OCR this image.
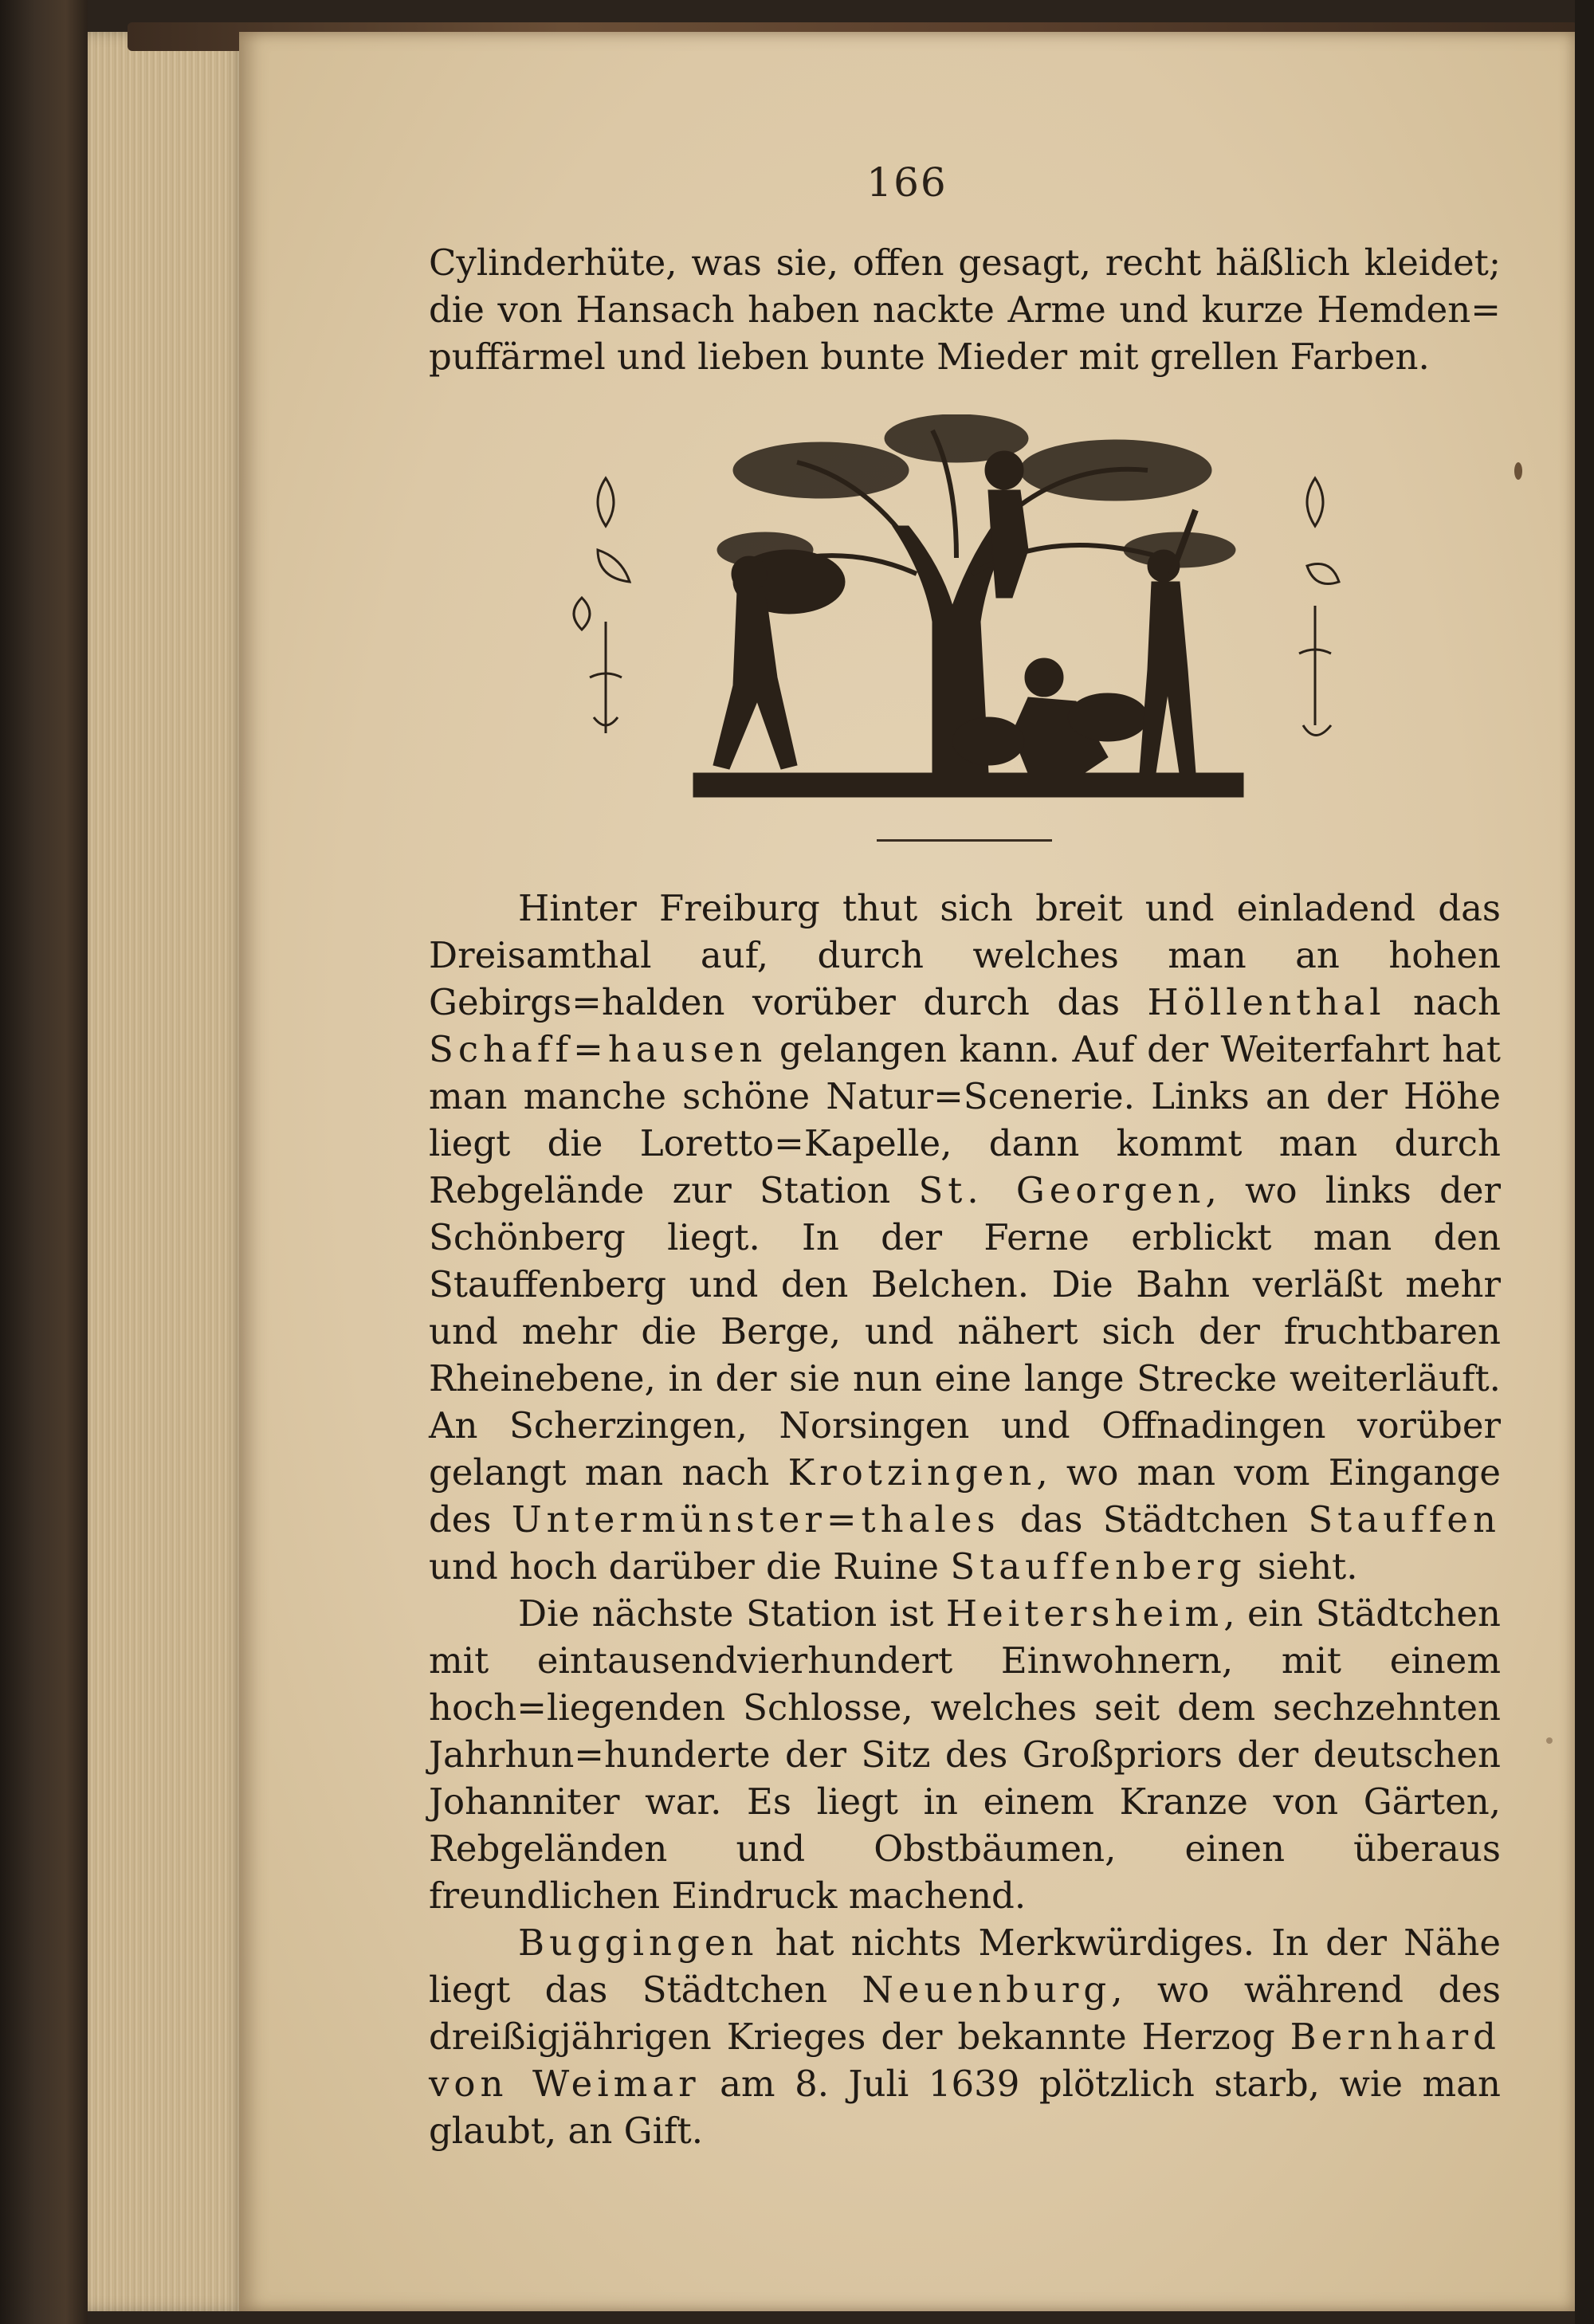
166

Cylinderhüte, was sie, offen gesagt, recht häßlich kleidet;

die von Hansach haben nackte Arme und kurze Hemden=

puffärmel und lieben bunte Mieder mit grellen Farben.

Hinter Freiburg thut sich breit und einladend das Dreisamthal auf, durch welches man an hohen Gebirgs=halden vorüber durch das Höllenthal nach Schaff=hausen gelangen kann. Auf der Weiterfahrt hat man manche schöne Natur=Scenerie. Links an der Höhe liegt die Loretto=Kapelle, dann kommt man durch Rebgelände zur Station St. Georgen, wo links der Schönberg liegt. In der Ferne erblickt man den Stauffenberg und den Belchen. Die Bahn verläßt mehr und mehr die Berge, und nähert sich der fruchtbaren Rheinebene, in der sie nun eine lange Strecke weiterläuft. An Scherzingen, Norsingen und Offnadingen vorüber gelangt man nach Krotzingen, wo man vom Eingange des Untermünster=thales das Städtchen Stauffen und hoch darüber die Ruine Stauffenberg sieht.

Die nächste Station ist Heitersheim, ein Städtchen mit eintausendvierhundert Einwohnern, mit einem hoch=liegenden Schlosse, welches seit dem sechzehnten Jahrhun=hunderte der Sitz des Großpriors der deutschen Johanniter war. Es liegt in einem Kranze von Gärten, Rebgeländen und Obstbäumen, einen überaus freundlichen Eindruck machend.

Buggingen hat nichts Merkwürdiges. In der Nähe liegt das Städtchen Neuenburg, wo während des dreißigjährigen Krieges der bekannte Herzog Bernhard von Weimar am 8. Juli 1639 plötzlich starb, wie man glaubt, an Gift.
